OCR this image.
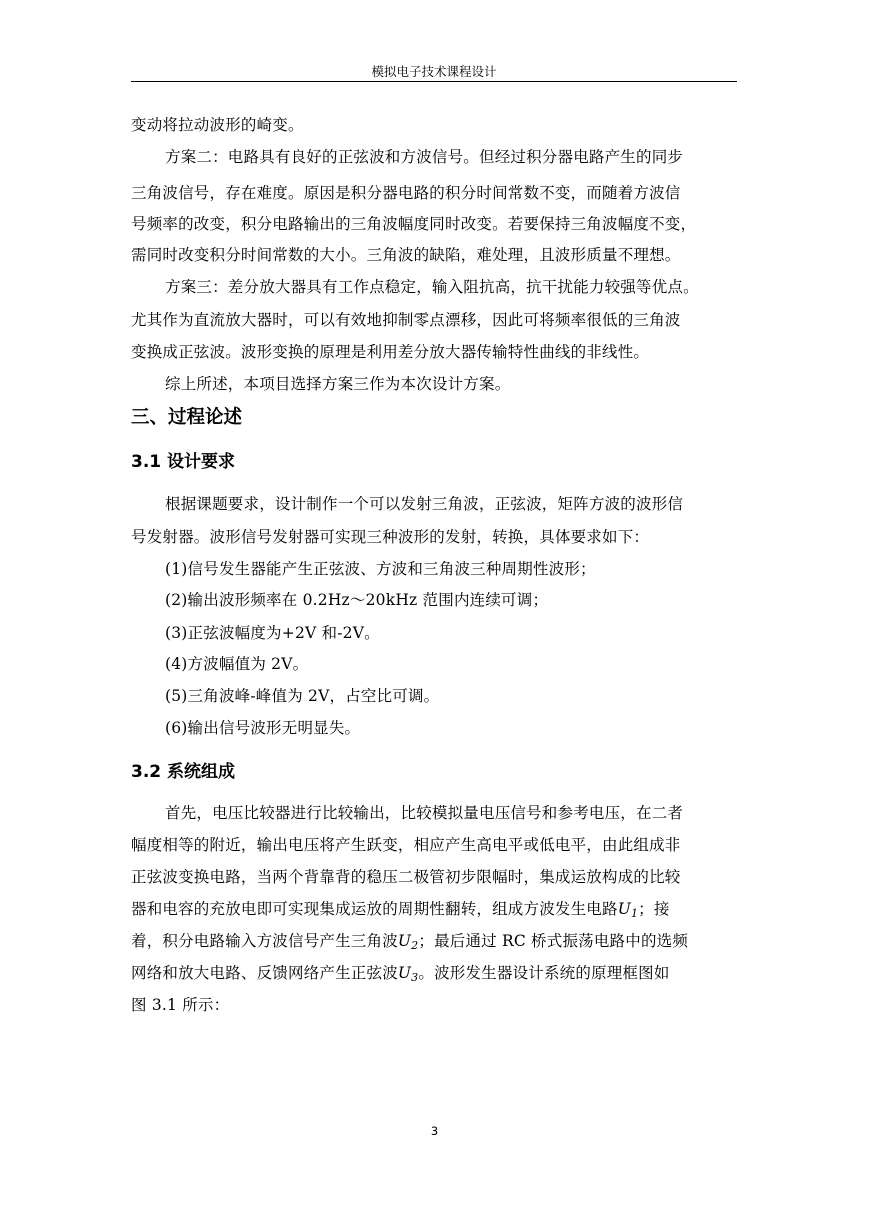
模拟电子技术课程设计
变动将拉动波形的崎变。
方案二：电路具有良好的正弦波和方波信号。但经过积分器电路产生的同步
三角波信号，存在难度。原因是积分器电路的积分时间常数不变，而随着方波信
号频率的改变，积分电路输出的三角波幅度同时改变。若要保持三角波幅度不变，
需同时改变积分时间常数的大小。三角波的缺陷，难处理，且波形质量不理想。
方案三：差分放大器具有工作点稳定，输入阻抗高，抗干扰能力较强等优点。
尤其作为直流放大器时，可以有效地抑制零点漂移，因此可将频率很低的三角波
变换成正弦波。波形变换的原理是利用差分放大器传输特性曲线的非线性。
综上所述，本项目选择方案三作为本次设计方案。
三、过程论述
3.1 设计要求
根据课题要求，设计制作一个可以发射三角波，正弦波，矩阵方波的波形信
号发射器。波形信号发射器可实现三种波形的发射，转换，具体要求如下：
(1)信号发生器能产生正弦波、方波和三角波三种周期性波形；
(2)输出波形频率在 0.2Hz～20kHz 范围内连续可调；
(3)正弦波幅度为+2V 和-2V。
(4)方波幅值为 2V。
(5)三角波峰-峰值为 2V，占空比可调。
(6)输出信号波形无明显失。
3.2 系统组成
首先，电压比较器进行比较输出，比较模拟量电压信号和参考电压，在二者
幅度相等的附近，输出电压将产生跃变，相应产生高电平或低电平，由此组成非
正弦波变换电路，当两个背靠背的稳压二极管初步限幅时，集成运放构成的比较
器和电容的充放电即可实现集成运放的周期性翻转，组成方波发生电路$U_1$；接
着，积分电路输入方波信号产生三角波$U_2$；最后通过 RC 桥式振荡电路中的选频
网络和放大电路、反馈网络产生正弦波$U_3$。波形发生器设计系统的原理框图如
图 3.1 所示：
3
